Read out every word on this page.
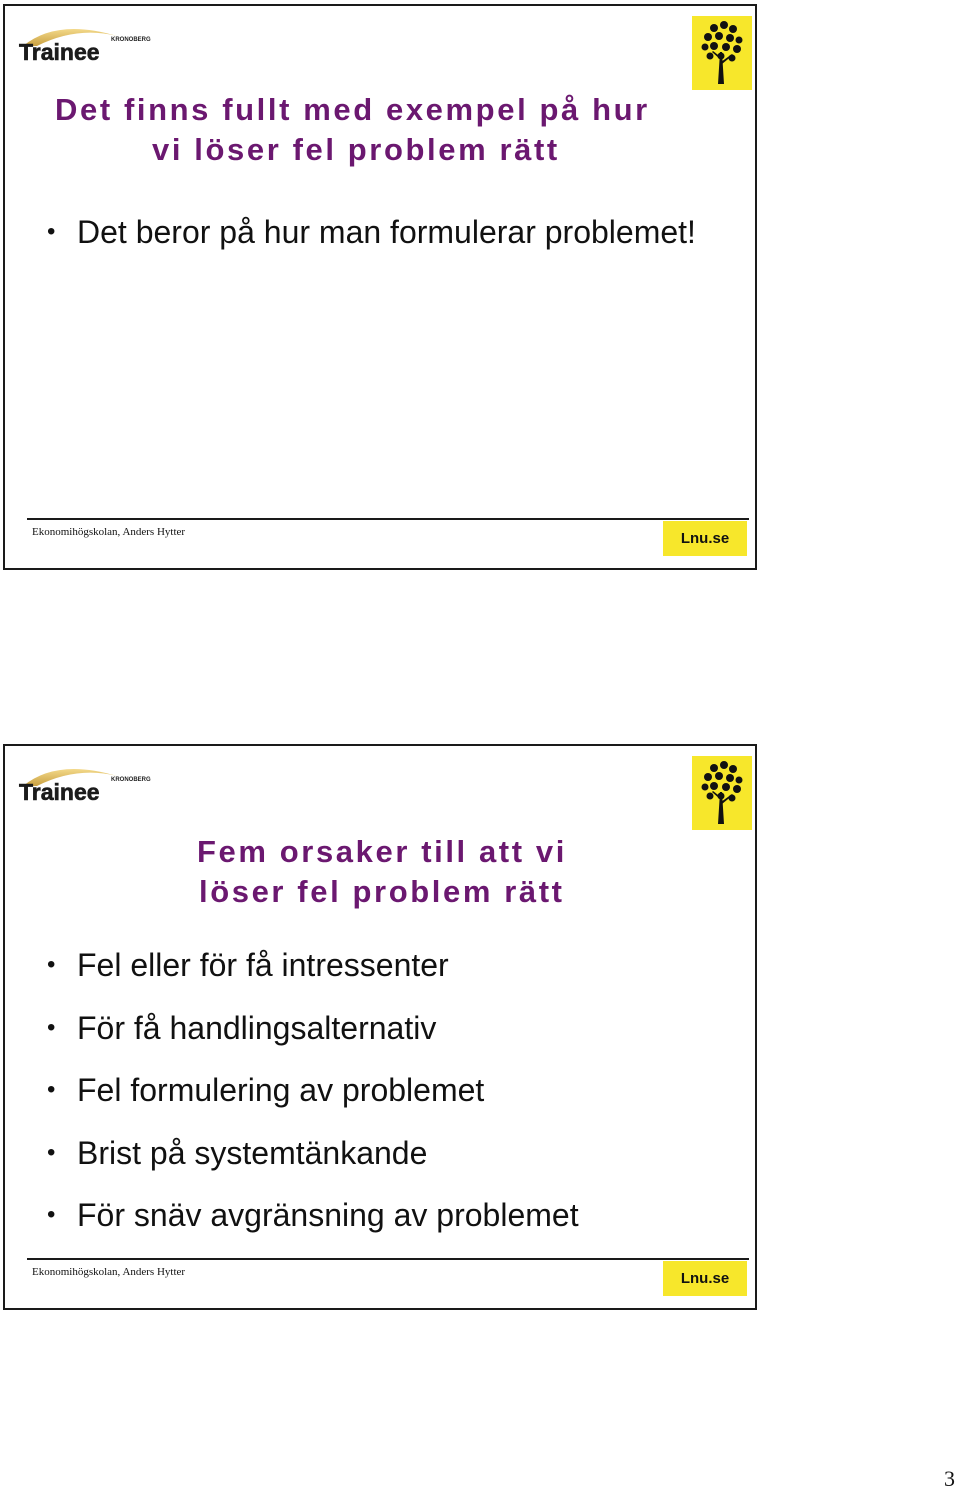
KRONOBERG
Trainee
Det finns fullt med exempel på hur
vi löser fel problem rätt
• Det beror på hur man formulerar problemet!
Ekonomihögskolan, Anders Hytter	Lnu.se
KRONOBERG
Trainee
Fem orsaker till att vi
löser fel problem rätt
• Fel eller för få intressenter
• För få handlingsalternativ
• Fel formulering av problemet
• Brist på systemtänkande
• För snäv avgränsning av problemet
Ekonomihögskolan, Anders Hytter	Lnu.se
3
